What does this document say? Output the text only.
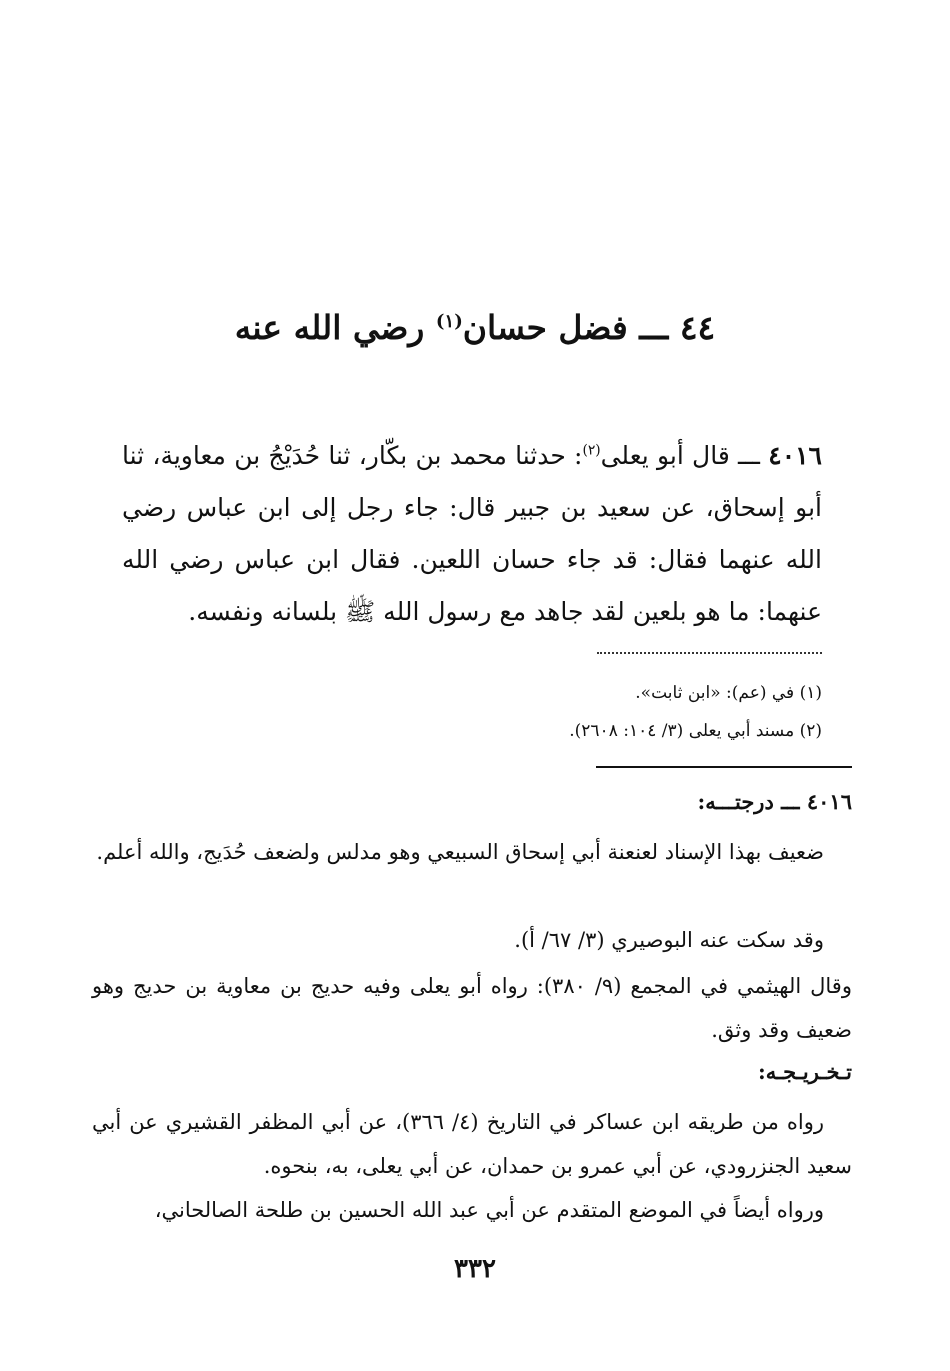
٤٤ ـــ فضل حسان$^{(١)}$ رضي الله عنه
٤٠١٦ ـــ قال أبو يعلى$^{(٢)}$: حدثنا محمد بن بكّار، ثنا حُدَيْجُ بن معاوية، ثنا أبو إسحاق، عن سعيد بن جبير قال: جاء رجل إلى ابن عباس رضي الله عنهما فقال: قد جاء حسان اللعين. فقال ابن عباس رضي الله عنهما: ما هو بلعين لقد جاهد مع رسول الله ﷺ بلسانه ونفسه.
(١) في (عم): «ابن ثابت».
(٢) مسند أبي يعلى (٣/ ١٠٤: ٢٦٠٨).
٤٠١٦ ـــ درجتـــه:
ضعيف بهذا الإسناد لعنعنة أبي إسحاق السبيعي وهو مدلس ولضعف حُدَيج، والله أعلم.
وقد سكت عنه البوصيري (٣/ ٦٧/ أ).
وقال الهيثمي في المجمع (٩/ ٣٨٠): رواه أبو يعلى وفيه حديج بن معاوية بن حديج وهو ضعيف وقد وثق.
تـخـريـجـه:
رواه من طريقه ابن عساكر في التاريخ (٤/ ٣٦٦)، عن أبي المظفر القشيري عن أبي سعيد الجنزرودي، عن أبي عمرو بن حمدان، عن أبي يعلى، به، بنحوه.
ورواه أيضاً في الموضع المتقدم عن أبي عبد الله الحسين بن طلحة الصالحاني،
٣٣٢
